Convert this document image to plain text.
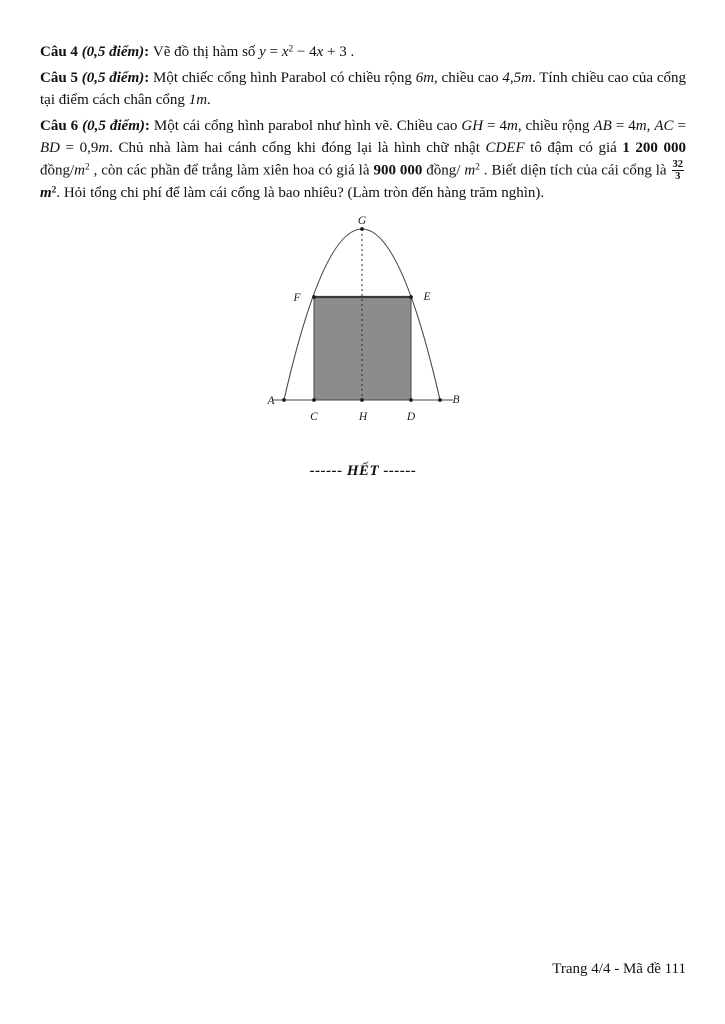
Câu 4 (0,5 điểm): Vẽ đồ thị hàm số $y = x^2 - 4x + 3$ .

Câu 5 (0,5 điểm): Một chiếc cổng hình Parabol có chiều rộng 6m, chiều cao 4,5m. Tính chiều cao của cổng tại điểm cách chân cổng 1m.

Câu 6 (0,5 điểm): Một cái cổng hình parabol như hình vẽ. Chiều cao GH = 4m, chiều rộng AB = 4m, AC = BD = 0,9m. Chủ nhà làm hai cánh cổng khi đóng lại là hình chữ nhật CDEF tô đậm có giá 1 200 000 đồng/$m^2$ , còn các phần để trắng làm xiên hoa có giá là 900 000 đồng/ $m^2$ . Biết diện tích của cái cổng là $\frac{32}{3}$
$m^2$. Hỏi tổng chi phí để làm cái cổng là bao nhiêu? (Làm tròn đến hàng trăm nghìn).

G
F	E
A	B
C	H	D
------ HẾT ------
Trang 4/4 - Mã đề 111
